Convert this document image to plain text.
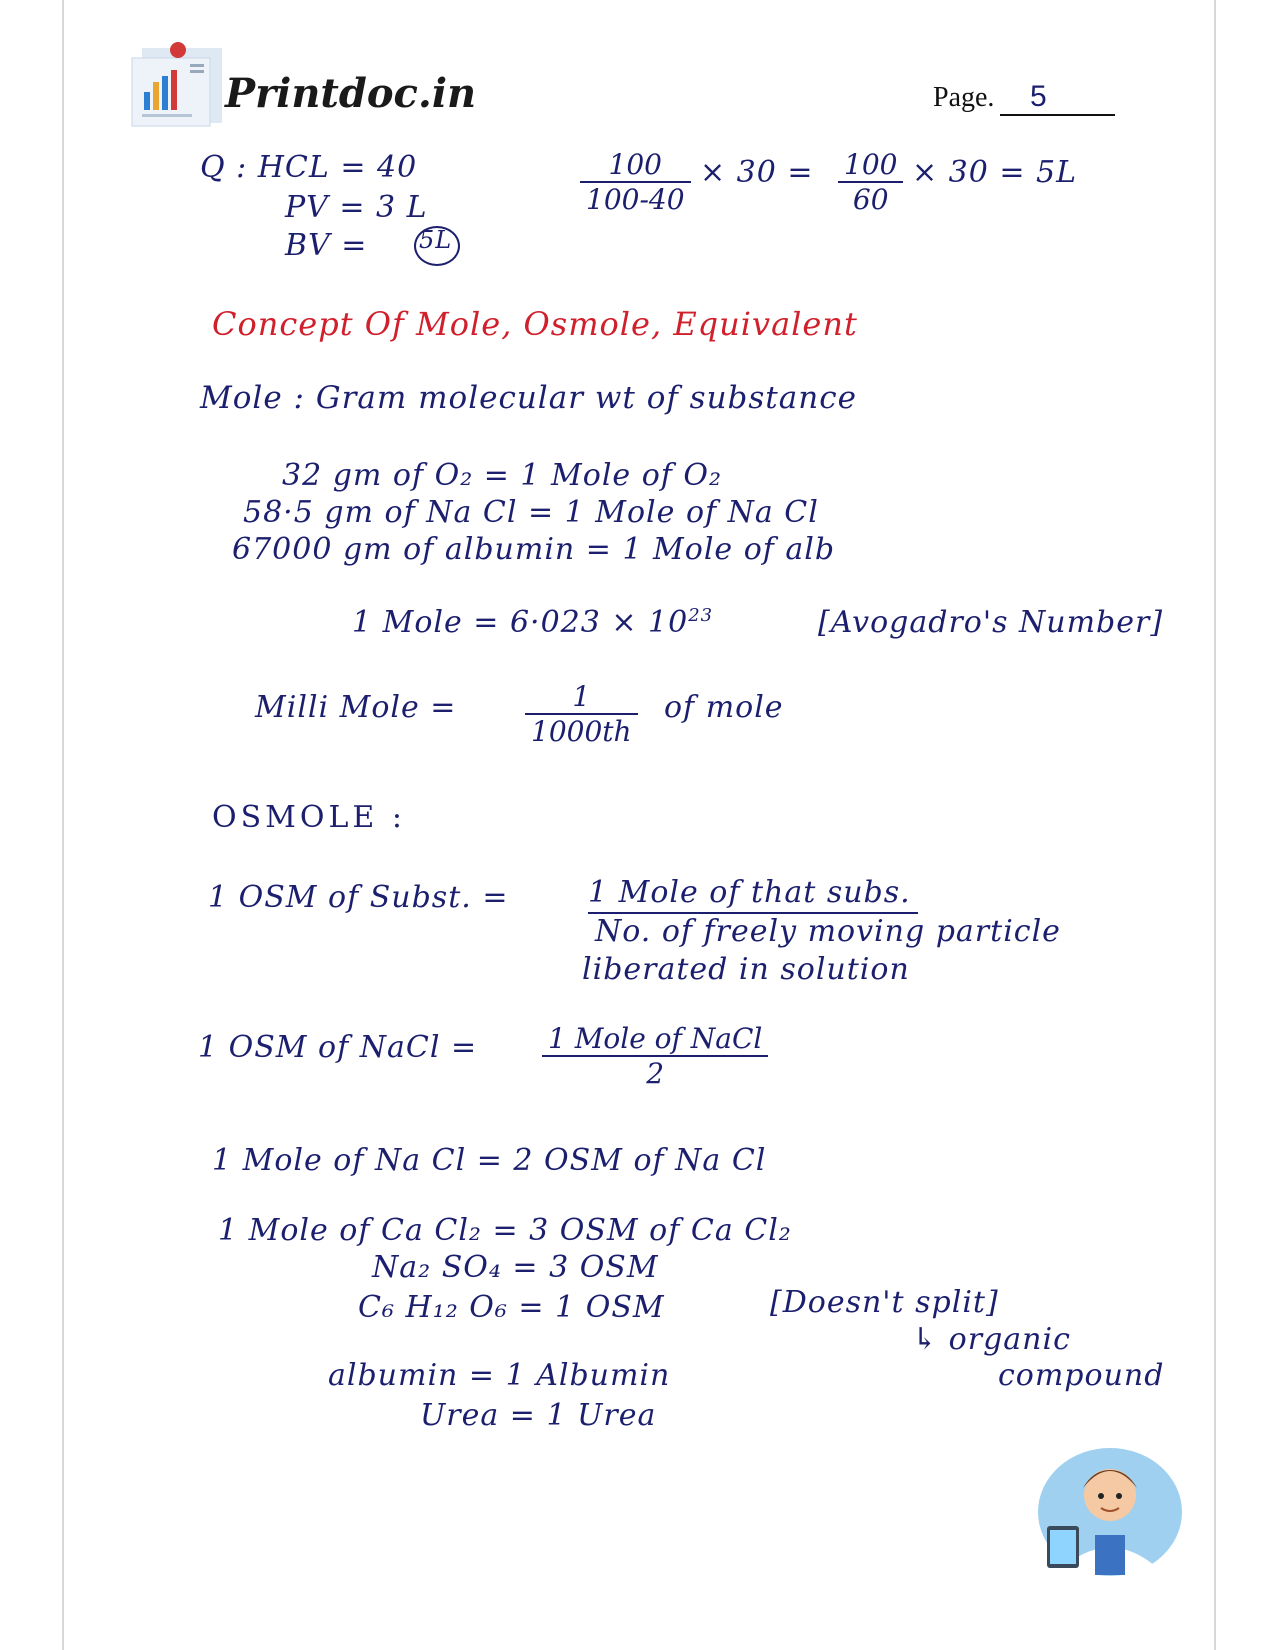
Printdoc.in	Page. 5
Q : HCL = 40
PV = 3 L
BV = 5L
$\frac{100}{100-40} \times 30 = \frac{100}{60} \times 30 = 5L$
Concept Of Mole, Osmole, Equivalent
Mole : Gram molecular wt of substance
32 gm of O₂ = 1 Mole of O₂
58·5 gm of Na Cl = 1 Mole of Na Cl
67000 gm of albumin = 1 Mole of alb
1 Mole = $6\cdot 023 \times 10^{23}$	[Avogadro's Number]
Milli Mole = $\frac{1}{1000th}$ of mole
OSMOLE :
1 OSM of Subst. =	1 Mole of that subs.
No. of freely moving particle
liberated in solution
1 OSM of NaCl =	1 Mole of NaCl
2
1 Mole of Na Cl = 2 OSM of Na Cl
1 Mole of Ca Cl₂ = 3 OSM of Ca Cl₂
Na₂ SO₄ = 3 OSM
C₆ H₁₂ O₆ = 1 OSM	[Doesn't split]
↳ organic
compound
albumin = 1 Albumin
Urea = 1 Urea
